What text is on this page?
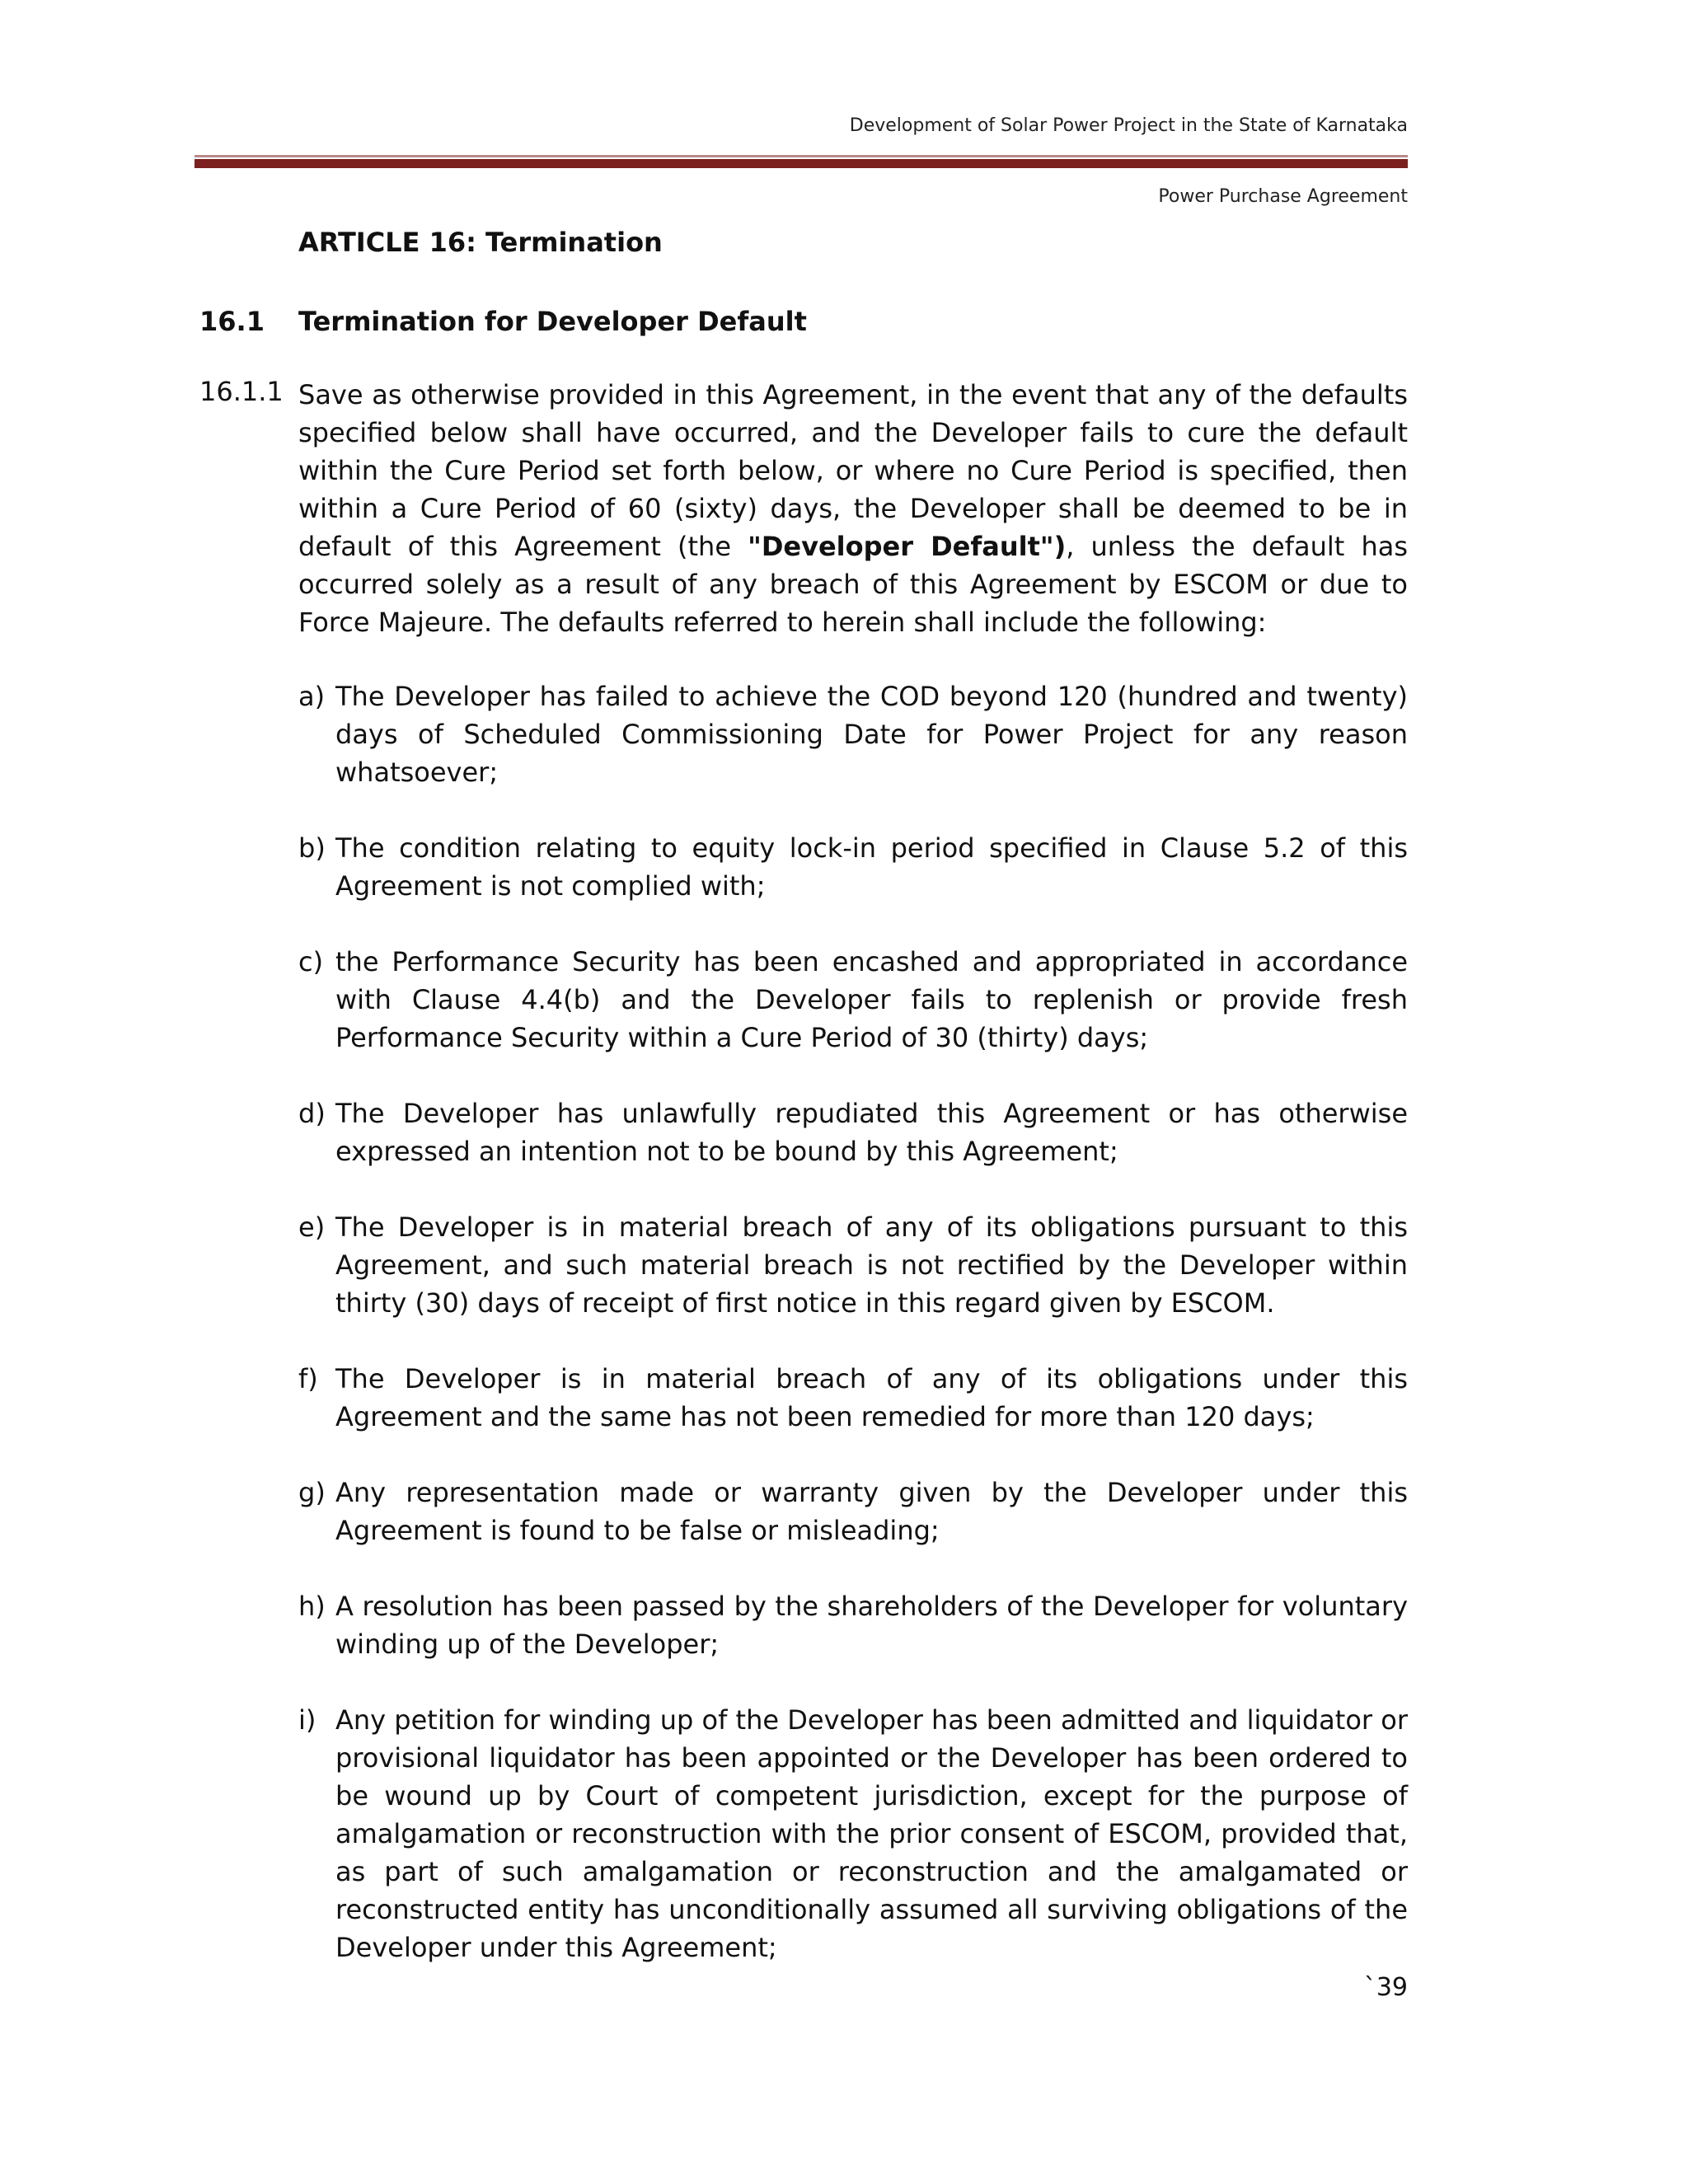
Development of Solar Power Project in the State of Karnataka
Power Purchase Agreement
ARTICLE 16: Termination
16.1 Termination for Developer Default
16.1.1 Save as otherwise provided in this Agreement, in the event that any of the defaults specified below shall have occurred, and the Developer fails to cure the default within the Cure Period set forth below, or where no Cure Period is specified, then within a Cure Period of 60 (sixty) days, the Developer shall be deemed to be in default of this Agreement (the "Developer Default"), unless the default has occurred solely as a result of any breach of this Agreement by ESCOM or due to Force Majeure. The defaults referred to herein shall include the following:
a) The Developer has failed to achieve the COD beyond 120 (hundred and twenty) days of Scheduled Commissioning Date for Power Project for any reason whatsoever;
b) The condition relating to equity lock-in period specified in Clause 5.2 of this Agreement is not complied with;
c) the Performance Security has been encashed and appropriated in accordance with Clause 4.4(b) and the Developer fails to replenish or provide fresh Performance Security within a Cure Period of 30 (thirty) days;
d) The Developer has unlawfully repudiated this Agreement or has otherwise expressed an intention not to be bound by this Agreement;
e) The Developer is in material breach of any of its obligations pursuant to this Agreement, and such material breach is not rectified by the Developer within thirty (30) days of receipt of first notice in this regard given by ESCOM.
f) The Developer is in material breach of any of its obligations under this Agreement and the same has not been remedied for more than 120 days;
g) Any representation made or warranty given by the Developer under this Agreement is found to be false or misleading;
h) A resolution has been passed by the shareholders of the Developer for voluntary winding up of the Developer;
i) Any petition for winding up of the Developer has been admitted and liquidator or provisional liquidator has been appointed or the Developer has been ordered to be wound up by Court of competent jurisdiction, except for the purpose of amalgamation or reconstruction with the prior consent of ESCOM, provided that, as part of such amalgamation or reconstruction and the amalgamated or reconstructed entity has unconditionally assumed all surviving obligations of the Developer under this Agreement;
`39
